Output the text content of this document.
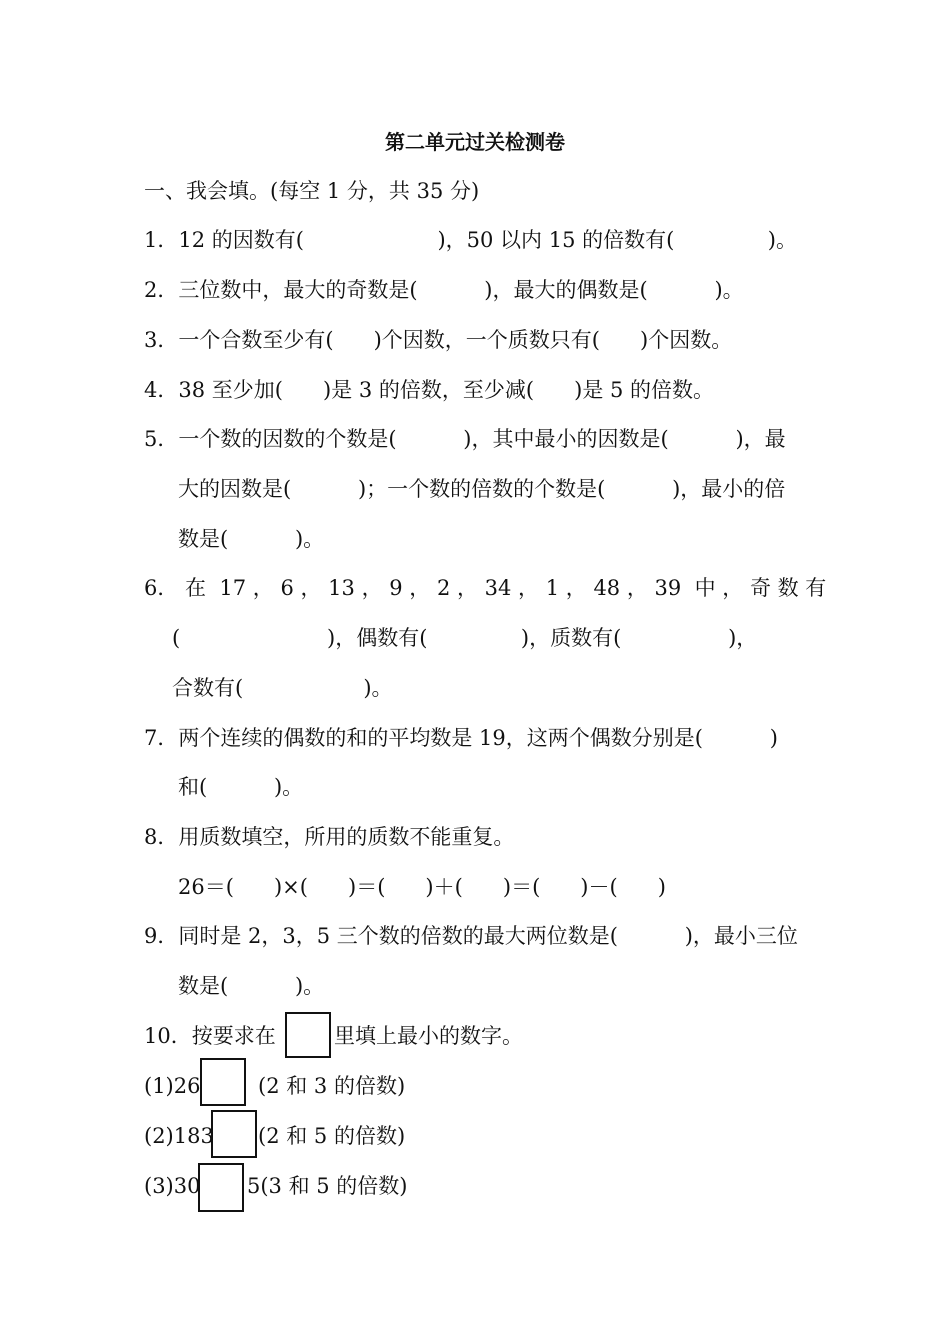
第二单元过关检测卷
一、我会填。(每空 1 分，共 35 分)
1．12 的因数有(                    )，50 以内 15 的倍数有(              )。
2．三位数中，最大的奇数是(          )，最大的偶数是(          )。
3．一个合数至少有(      )个因数，一个质数只有(      )个因数。
4．38 至少加(      )是 3 的倍数，至少减(      )是 5 的倍数。
5．一个数的因数的个数是(          )，其中最小的因数是(          )，最
大的因数是(          )；一个数的倍数的个数是(          )，最小的倍
数是(          )。
6． 在  17 ， 6 ， 13 ， 9 ， 2 ， 34 ， 1 ， 48 ， 39  中 ， 奇 数 有
(                      )，偶数有(              )，质数有(                )，
合数有(                  )。
7．两个连续的偶数的和的平均数是 19，这两个偶数分别是(          )
和(          )。
8．用质数填空，所用的质数不能重复。
26＝(      )×(      )＝(      )＋(      )＝(      )－(      )
9．同时是 2，3，5 三个数的倍数的最大两位数是(          )，最小三位
数是(          )。
10．按要求在	里填上最小的数字。
(1)26	(2 和 3 的倍数)
(2)183 (2 和 5 的倍数)
(3)30 5(3 和 5 的倍数)
